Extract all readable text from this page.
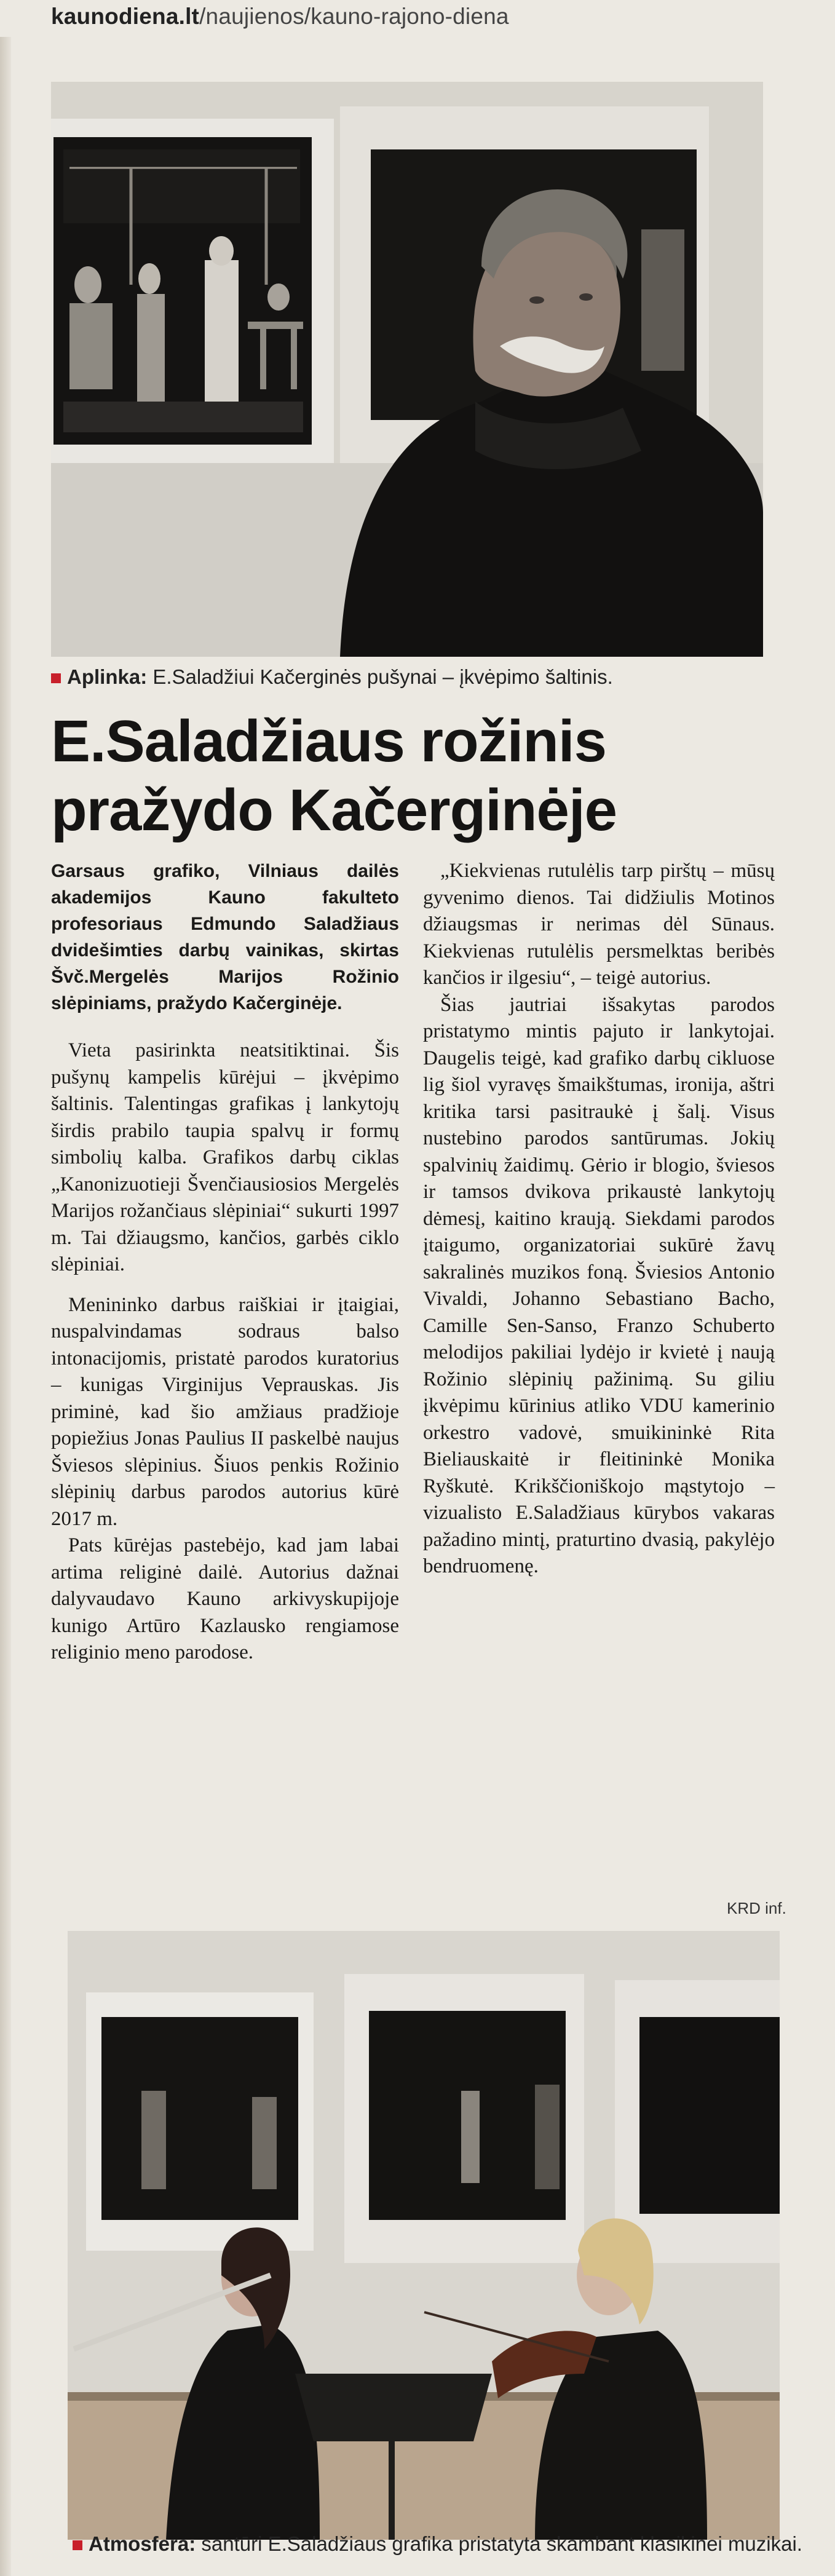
kaunodiena.lt/naujienos/kauno-rajono-diena
Aplinka: E.Saladžiui Kačerginės pušynai – įkvėpimo šaltinis.
E.Saladžiaus rožinis
pražydo Kačerginėje

Garsaus grafiko, Vilniaus dailės akademijos Kauno fakulteto profesoriaus Edmundo Saladžiaus dvidešimties darbų vainikas, skirtas Švč.Mergelės Marijos Rožinio slėpiniams, pražydo Kačerginėje.

Vieta pasirinkta neatsitiktinai. Šis pušynų kampelis kūrėjui – įkvėpimo šaltinis. Talentingas grafikas į lankytojų širdis prabilo taupia spalvų ir formų simbolių kalba. Grafikos darbų ciklas „Kanonizuotieji Švenčiausiosios Mergelės Marijos rožančiaus slėpiniai“ sukurti 1997 m. Tai džiaugsmo, kančios, garbės ciklo slėpiniai.

Menininko darbus raiškiai ir įtaigiai, nuspalvindamas sodraus balso intonacijomis, pristatė parodos kuratorius – kunigas Virginijus Veprauskas. Jis priminė, kad šio amžiaus pradžioje popiežius Jonas Paulius II paskelbė naujus Šviesos slėpinius. Šiuos penkis Rožinio slėpinių darbus parodos autorius kūrė 2017 m.

Pats kūrėjas pastebėjo, kad jam labai artima religinė dailė. Autorius dažnai dalyvaudavo Kauno arkivyskupijoje kunigo Artūro Kazlausko rengiamose religinio meno parodose.

„Kiekvienas rutulėlis tarp pirštų – mūsų gyvenimo dienos. Tai didžiulis Motinos džiaugsmas ir nerimas dėl Sūnaus. Kiekvienas rutulėlis persmelktas beribės kančios ir ilgesiu“, – teigė autorius.

Šias jautriai išsakytas parodos pristatymo mintis pajuto ir lankytojai. Daugelis teigė, kad grafiko darbų cikluose lig šiol vyravęs šmaikštumas, ironija, aštri kritika tarsi pasitraukė į šalį. Visus nustebino parodos santūrumas. Jokių spalvinių žaidimų. Gėrio ir blogio, šviesos ir tamsos dvikova prikaustė lankytojų dėmesį, kaitino kraują. Siekdami parodos įtaigumo, organizatoriai sukūrė žavų sakralinės muzikos foną. Šviesios Antonio Vivaldi, Johanno Sebastiano Bacho, Camille Sen-Sanso, Franzo Schuberto melodijos pakiliai lydėjo ir kvietė į naują Rožinio slėpinių pažinimą. Su giliu įkvėpimu kūrinius atliko VDU kamerinio orkestro vadovė, smuikininkė Rita Bieliauskaitė ir fleitininkė Monika Ryškutė. Krikščioniškojo mąstytojo – vizualisto E.Saladžiaus kūrybos vakaras pažadino mintį, praturtino dvasią, pakylėjo bendruomenę.

KRD inf.
Atmosfera: santūri E.Saladžiaus grafika pristatyta skambant klasikinei muzikai.
